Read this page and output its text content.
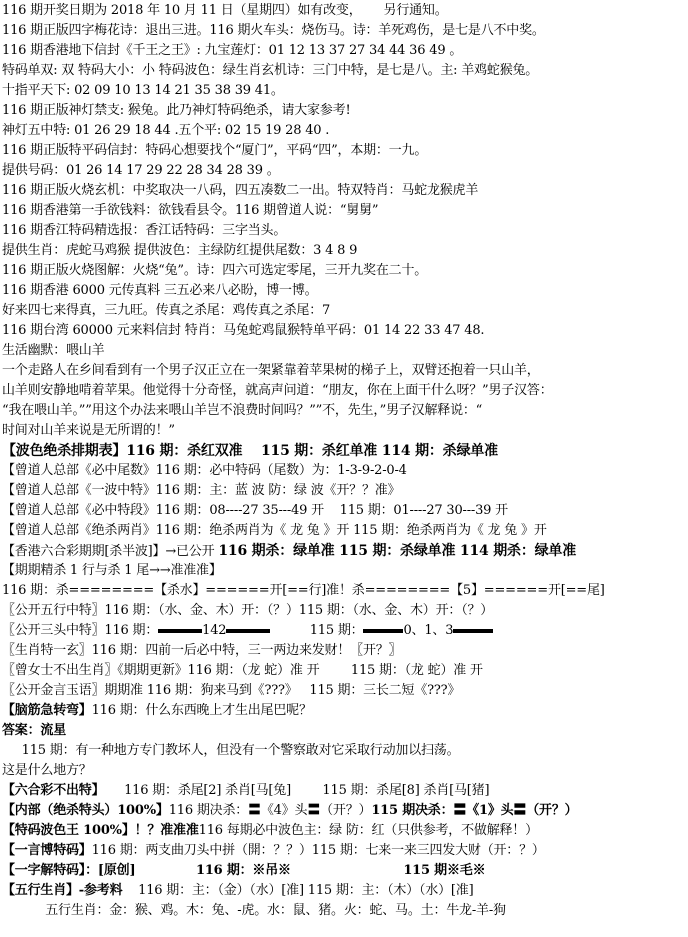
116 期开奖日期为 2018 年 10 月 11 日（星期四）如有改变， 另行通知。
116 期正版四字梅花诗：退出三进。116 期火车头：烧伤马。诗：羊死鸡伤，是七是八不中奖。
116 期香港地下信封《千王之王》: 九宝莲灯：01 12 13 37 27 34 44 36 49 。
特码单双: 双 特码大小：小 特码波色：绿生肖玄机诗：三门中特，是七是八。主: 羊鸡蛇猴兔。
十指平天下: 02 09 10 13 14 21 35 38 39 41。
116 期正版神灯禁支: 猴兔。此乃神灯特码绝杀，请大家参考!
神灯五中特: 01 26 29 18 44 .五个平: 02 15 19 28 40 .
116 期正版特平码信封：特码心想要找个“厦门”，平码“四”，本期：一九。
提供号码：01 26 14 17 29 22 28 34 28 39 。
116 期正版火烧玄机：中奖取决一八码，四五凑数二一出。特双特肖：马蛇龙猴虎羊
116 期香港第一手欲钱料：欲钱看县令。116 期曾道人说：“舅舅”
116 期香江特码精选报：香江话特码：三字当头。
提供生肖：虎蛇马鸡猴 提供波色：主绿防红提供尾数：3 4 8 9
116 期正版火烧图解：火烧“兔”。诗：四六可选定零尾，三开九奖在二十。
116 期香港 6000 元传真料 三五必来八必盼，博一博。
好来四七来得真，三九旺。传真之杀尾：鸡传真之杀尾：7
116 期台湾 60000 元来料信封 特肖：马兔蛇鸡鼠猴特单平码：01 14 22 33 47 48.
生活幽默：喂山羊
一个走路人在乡间看到有一个男子汉正立在一架紧靠着苹果树的梯子上，双臂还抱着一只山羊，
山羊则安静地啃着苹果。他觉得十分奇怪，就高声问道：“朋友，你在上面干什么呀？”男子汉答：
“我在喂山羊。””用这个办法来喂山羊岂不浪费时间吗？””不，先生，”男子汉解释说：“
时间对山羊来说是无所谓的！”
【波色绝杀排期表】116 期：杀红双准    115 期：杀红单准 114 期：杀绿单准
【曾道人总部《必中尾数》116 期：必中特码（尾数）为：1-3-9-2-0-4
【曾道人总部《一波中特》116 期：主：蓝 波 防：绿 波《开？？准》
【曾道人总部《必中特段》116 期：08----27 35---49 开    115 期：01----27 30---39 开
【曾道人总部《绝杀两肖》116 期：绝杀两肖为《 龙 兔 》开 115 期：绝杀两肖为《 龙 兔 》开
【香港六合彩期期[杀半波]】→已公开 116 期杀：绿单准 115 期：杀绿单准 114 期杀：绿单准
【期期精杀 1 行与杀 1 尾→→准准准】
116 期：杀========【杀水】======开[==行]准！杀========【5】======开[==尾]
〖公开五行中特〗116 期：（水、金、木）开：（？）115 期：（水、金、木）开：（？）
〖公开三头中特〗116 期：	142	115 期：	0、1、3
〖生肖特一玄〗116 期：四前一后必中特，三一两边来发财！〖开？〗
〖曾女士不出生肖〗《期期更新》116 期：（龙 蛇）准 开        115 期：（龙 蛇）准 开
〖公开金言玉语〗期期准 116 期：狗来马到《???》   115 期：三长二短《???》
【脑筋急转弯】116 期：什么东西晚上才生出尾巴呢？
答案：流星
115 期：有一种地方专门教坏人，但没有一个警察敢对它采取行动加以扫荡。
这是什么地方？
【六合彩不出特】     116 期：杀尾[2] 杀肖[马[兔]        115 期：杀尾[8] 杀肖[马[猪]
【内部（绝杀特头）100%】116 期决杀：〓《4》头〓（开？）115 期决杀：〓《1》头〓（开？）
【特码波色王 100%】！？准准准116 每期必中波色主：绿 防：红（只供参考，不做解释！）
【一言博特码】116 期：两支曲刀头中拼（開：？？）115 期：七来一来三四发大财（开：？）
【一字解特码】：[原创]              116 期：※吊※                          115 期※毛※
【五行生肖】-参考料    116 期：主：（金）（水）[准] 115 期：主：（木）（水）[准]
五行生肖：金：猴、鸡。木：兔、-虎。水：鼠、猪。火：蛇、马。土：牛龙-羊-狗
